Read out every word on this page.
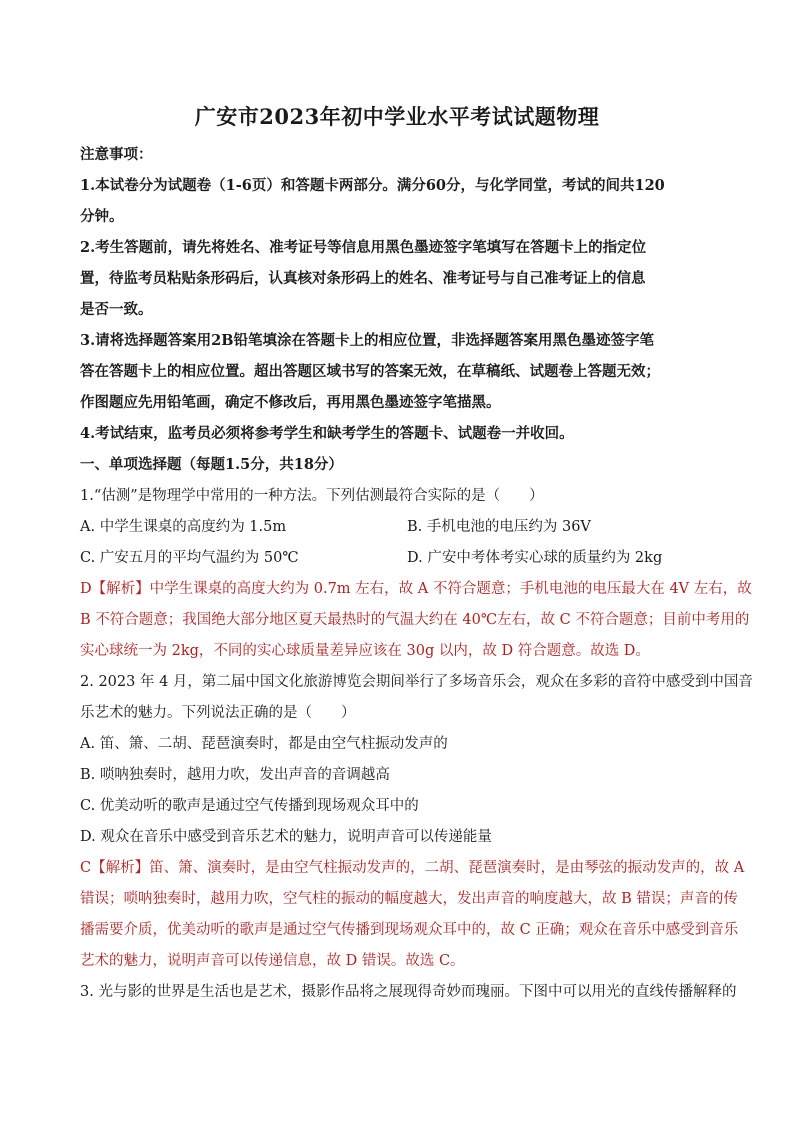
广安市2023年初中学业水平考试试题物理
注意事项：
1.本试卷分为试题卷（1-6页）和答题卡两部分。满分60分，与化学同堂，考试的间共120
分钟。
2.考生答题前，请先将姓名、准考证号等信息用黑色墨迹签字笔填写在答题卡上的指定位
置，待监考员粘贴条形码后，认真核对条形码上的姓名、准考证号与自己准考证上的信息
是否一致。
3.请将选择题答案用2B铅笔填涂在答题卡上的相应位置，非选择题答案用黑色墨迹签字笔
答在答题卡上的相应位置。超出答题区域书写的答案无效，在草稿纸、试题卷上答题无效；
作图题应先用铅笔画，确定不修改后，再用黑色墨迹签字笔描黑。
4.考试结束，监考员必须将参考学生和缺考学生的答题卡、试题卷一并收回。
一、单项选择题（每题1.5分，共18分）
1.“估测”是物理学中常用的一种方法。下列估测最符合实际的是（　　）
A. 中学生课桌的高度约为 1.5m	B. 手机电池的电压约为 36V
C. 广安五月的平均气温约为 50℃	D. 广安中考体考实心球的质量约为 2kg
D【解析】中学生课桌的高度大约为 0.7m 左右，故 A 不符合题意；手机电池的电压最大在 4V 左右，故
B 不符合题意；我国绝大部分地区夏天最热时的气温大约在 40℃左右，故 C 不符合题意；目前中考用的
实心球统一为 2kg，不同的实心球质量差异应该在 30g 以内，故 D 符合题意。故选 D。
2. 2023 年 4 月，第二届中国文化旅游博览会期间举行了多场音乐会，观众在多彩的音符中感受到中国音
乐艺术的魅力。下列说法正确的是（　　）
A. 笛、箫、二胡、琵琶演奏时，都是由空气柱振动发声的
B. 唢呐独奏时，越用力吹，发出声音的音调越高
C. 优美动听的歌声是通过空气传播到现场观众耳中的
D. 观众在音乐中感受到音乐艺术的魅力，说明声音可以传递能量
C【解析】笛、箫、演奏时，是由空气柱振动发声的，二胡、琵琶演奏时，是由琴弦的振动发声的，故 A
错误；唢呐独奏时，越用力吹，空气柱的振动的幅度越大，发出声音的响度越大，故 B 错误；声音的传
播需要介质，优美动听的歌声是通过空气传播到现场观众耳中的，故 C 正确；观众在音乐中感受到音乐
艺术的魅力，说明声音可以传递信息，故 D 错误。故选 C。
3. 光与影的世界是生活也是艺术，摄影作品将之展现得奇妙而瑰丽。下图中可以用光的直线传播解释的
